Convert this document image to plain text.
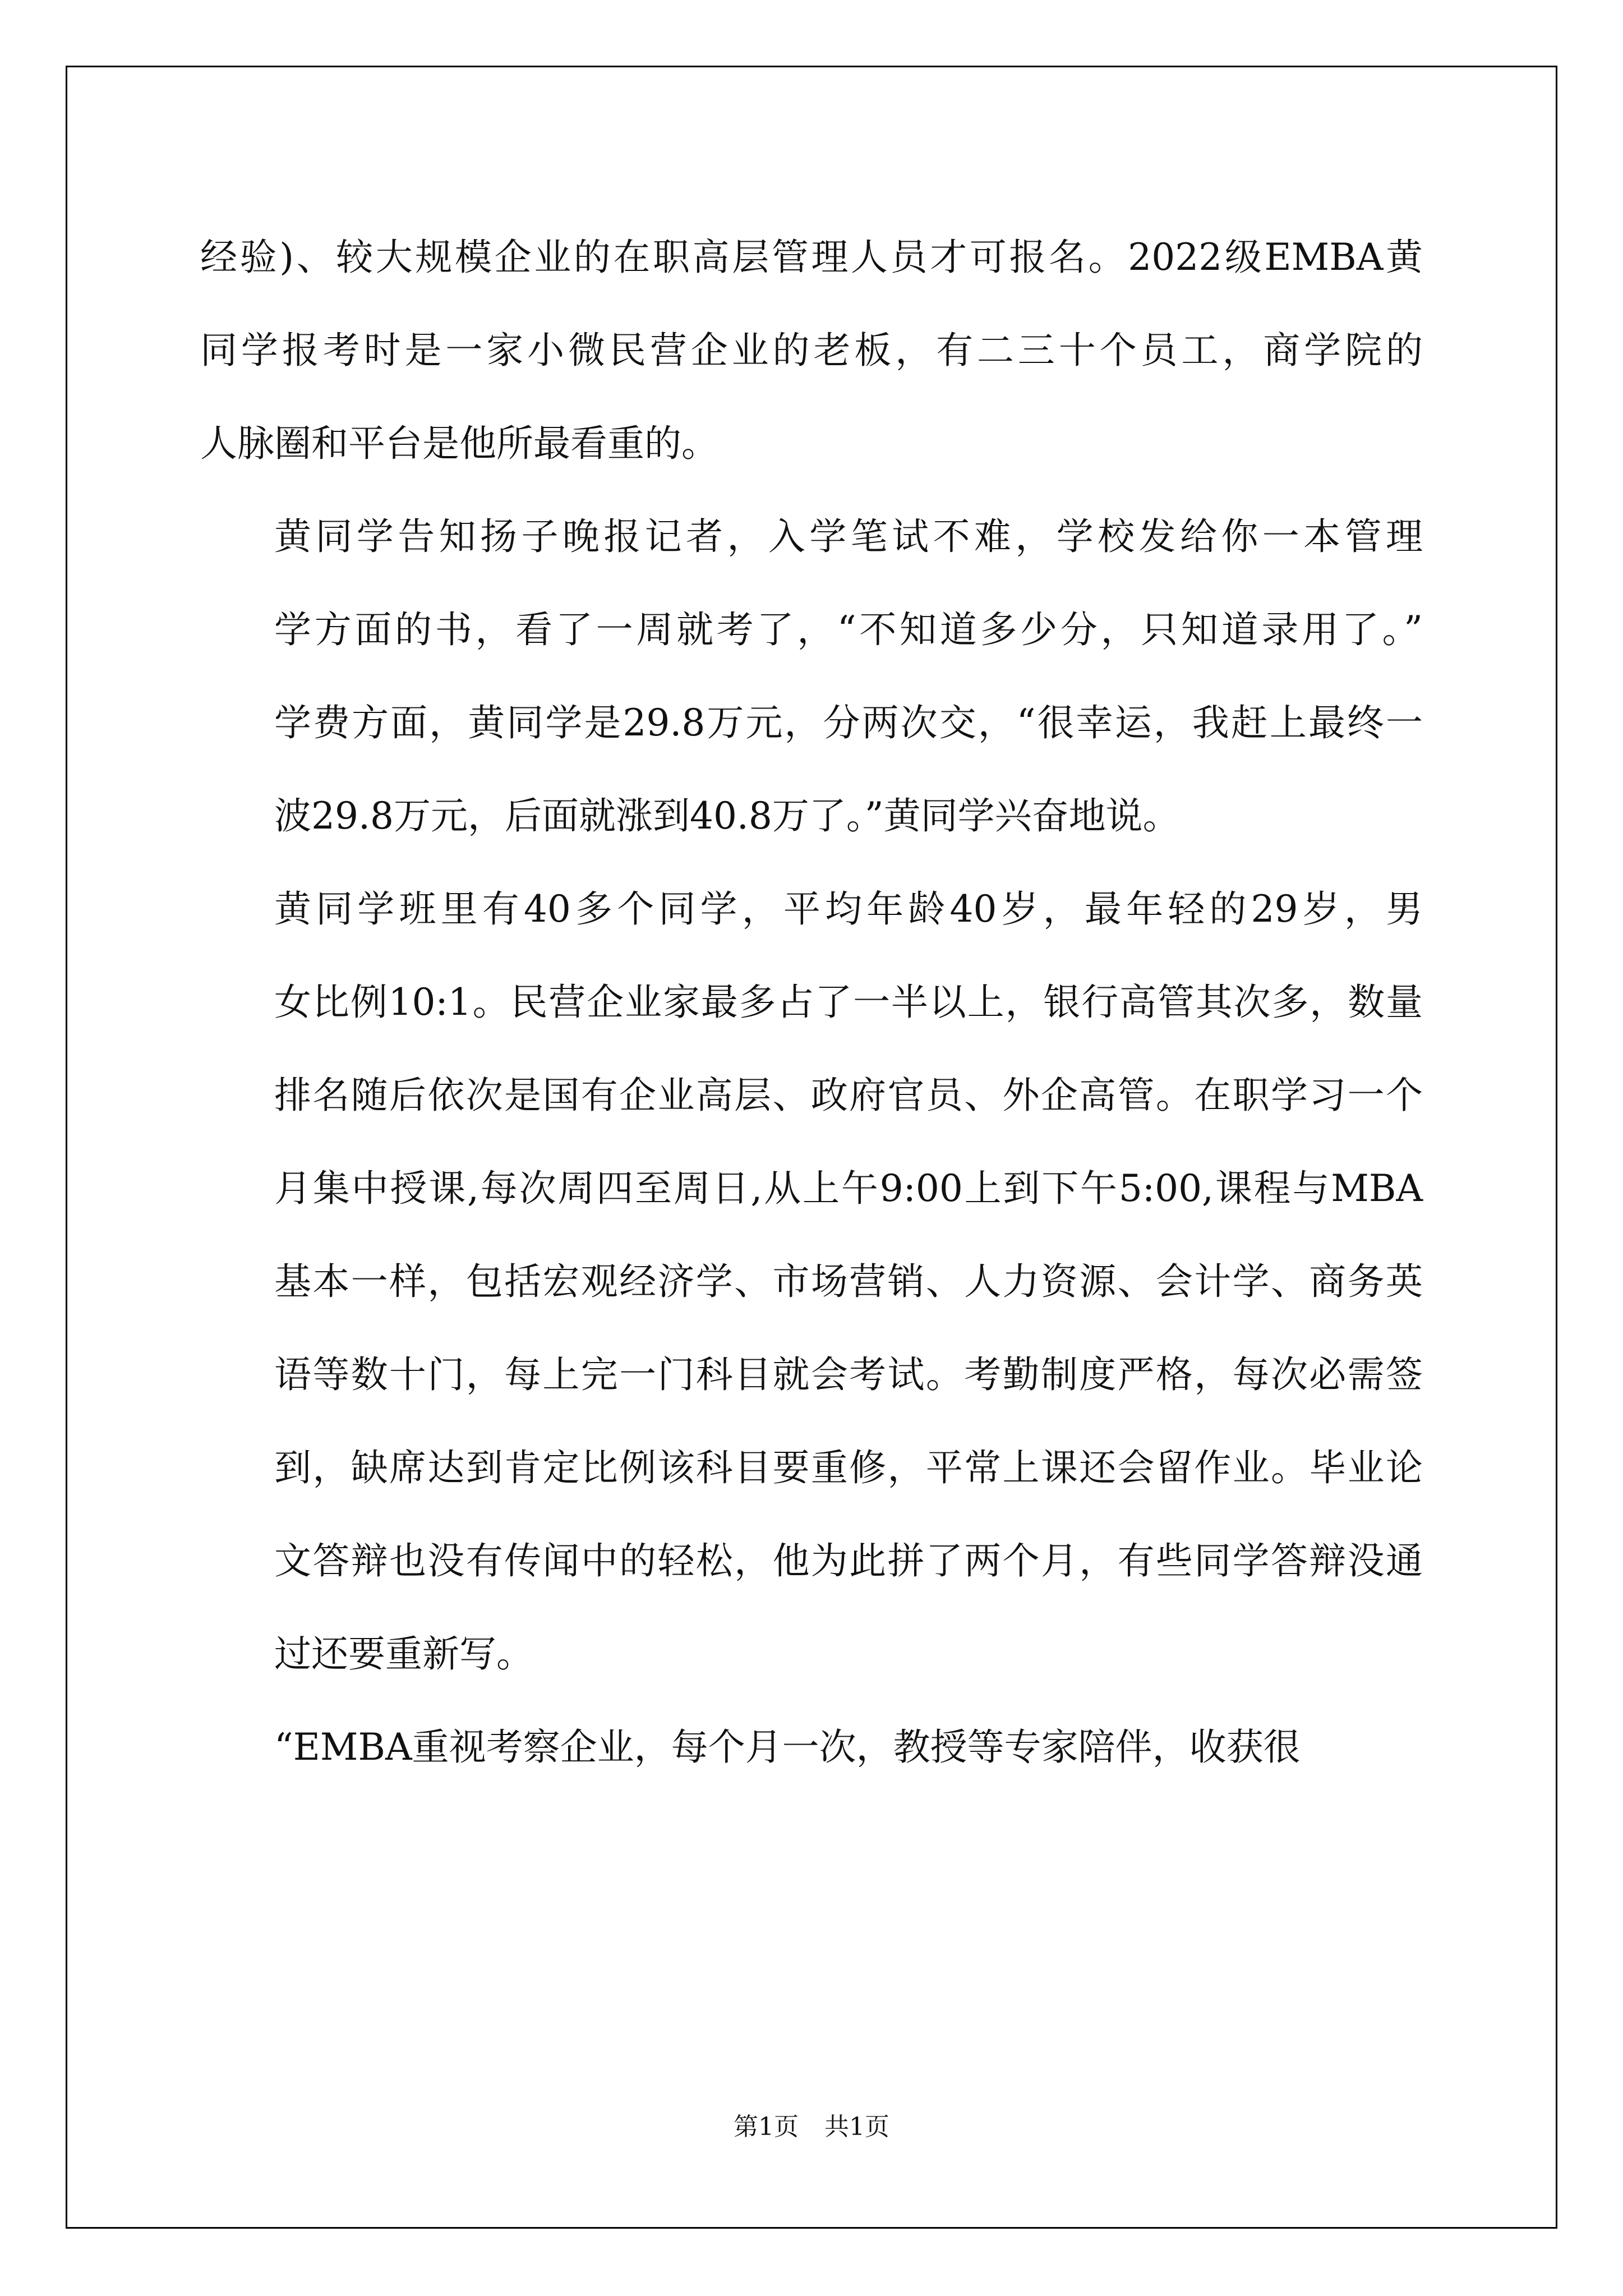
经验)、较大规模企业的在职高层管理人员才可报名。2022级EMBA黄
同学报考时是一家小微民营企业的老板，有二三十个员工，商学院的
人脉圈和平台是他所最看重的。

黄同学告知扬子晚报记者，入学笔试不难，学校发给你一本管理
学方面的书，看了一周就考了，“不知道多少分，只知道录用了。”
学费方面，黄同学是29.8万元，分两次交，“很幸运，我赶上最终一
波29.8万元，后面就涨到40.8万了。”黄同学兴奋地说。

黄同学班里有40多个同学，平均年龄40岁，最年轻的29岁，男
女比例10:1。民营企业家最多占了一半以上，银行高管其次多，数量
排名随后依次是国有企业高层、政府官员、外企高管。在职学习一个
月集中授课,每次周四至周日,从上午9:00上到下午5:00,课程与MBA
基本一样，包括宏观经济学、市场营销、人力资源、会计学、商务英
语等数十门，每上完一门科目就会考试。考勤制度严格，每次必需签
到，缺席达到肯定比例该科目要重修，平常上课还会留作业。毕业论
文答辩也没有传闻中的轻松，他为此拼了两个月，有些同学答辩没通
过还要重新写。

“EMBA重视考察企业，每个月一次，教授等专家陪伴，收获很

第1页 共1页
